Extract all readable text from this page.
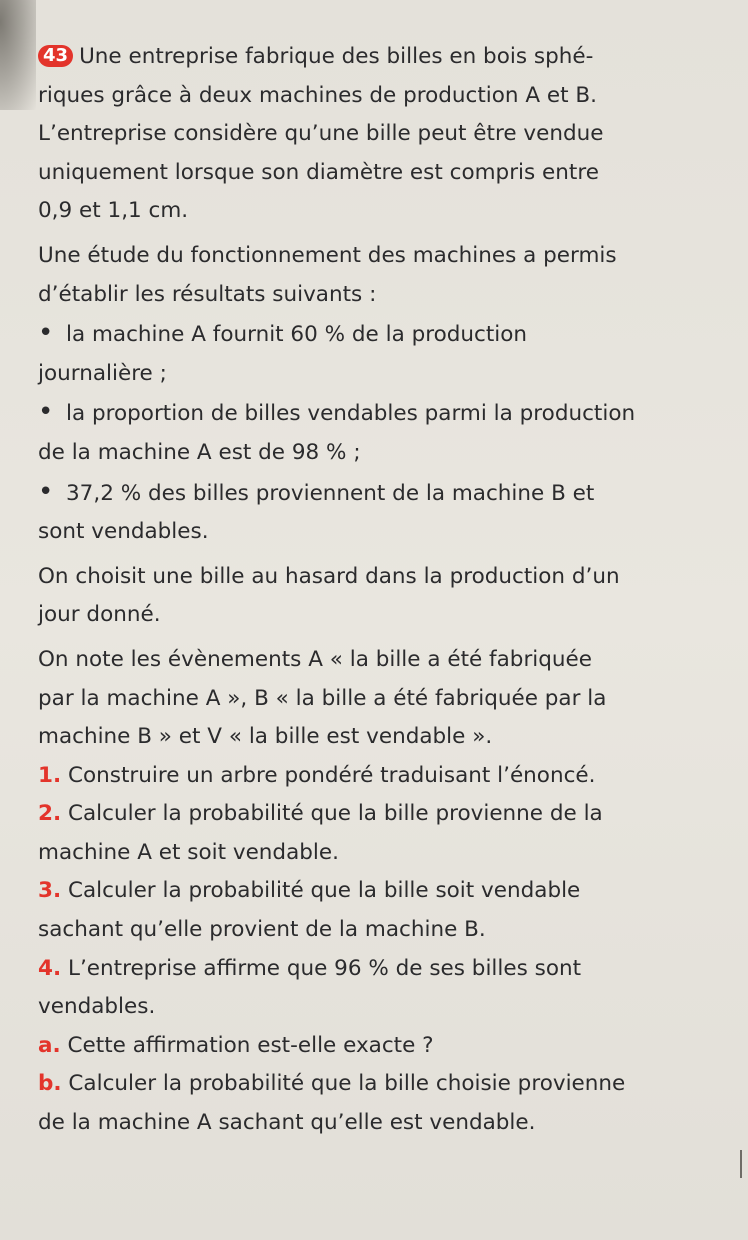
43 Une entreprise fabrique des billes en bois sphé-

riques grâce à deux machines de production A et B.

L’entreprise considère qu’une bille peut être vendue

uniquement lorsque son diamètre est compris entre

0,9 et 1,1 cm.

Une étude du fonctionnement des machines a permis

d’établir les résultats suivants :

•la machine A fournit 60 % de la production

journalière ;

•la proportion de billes vendables parmi la production

de la machine A est de 98 % ;

•37,2 % des billes proviennent de la machine B et

sont vendables.

On choisit une bille au hasard dans la production d’un

jour donné.

On note les évènements A « la bille a été fabriquée

par la machine A », B « la bille a été fabriquée par la

machine B » et V « la bille est vendable ».

1. Construire un arbre pondéré traduisant l’énoncé.

2. Calculer la probabilité que la bille provienne de la

machine A et soit vendable.

3. Calculer la probabilité que la bille soit vendable

sachant qu’elle provient de la machine B.

4. L’entreprise affirme que 96 % de ses billes sont

vendables.

a. Cette affirmation est-elle exacte ?

b. Calculer la probabilité que la bille choisie provienne

de la machine A sachant qu’elle est vendable.
